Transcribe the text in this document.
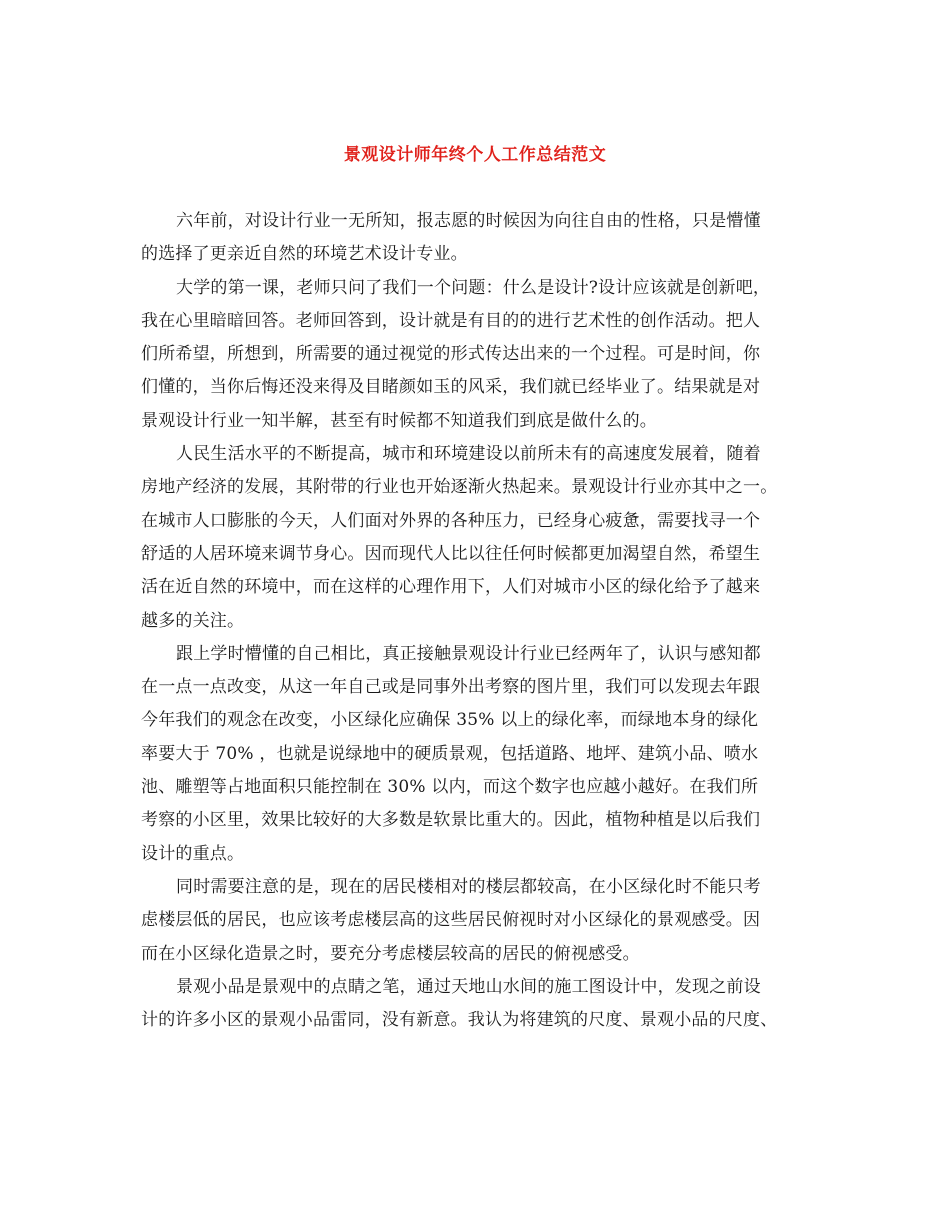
景观设计师年终个人工作总结范文
六年前，对设计行业一无所知，报志愿的时候因为向往自由的性格，只是懵懂
的选择了更亲近自然的环境艺术设计专业。
大学的第一课，老师只问了我们一个问题：什么是设计?设计应该就是创新吧，
我在心里暗暗回答。老师回答到，设计就是有目的的进行艺术性的创作活动。把人
们所希望，所想到，所需要的通过视觉的形式传达出来的一个过程。可是时间，你
们懂的，当你后悔还没来得及目睹颜如玉的风采，我们就已经毕业了。结果就是对
景观设计行业一知半解，甚至有时候都不知道我们到底是做什么的。
人民生活水平的不断提高，城市和环境建设以前所未有的高速度发展着，随着
房地产经济的发展，其附带的行业也开始逐渐火热起来。景观设计行业亦其中之一。
在城市人口膨胀的今天，人们面对外界的各种压力，已经身心疲惫，需要找寻一个
舒适的人居环境来调节身心。因而现代人比以往任何时候都更加渴望自然，希望生
活在近自然的环境中，而在这样的心理作用下，人们对城市小区的绿化给予了越来
越多的关注。
跟上学时懵懂的自己相比，真正接触景观设计行业已经两年了，认识与感知都
在一点一点改变，从这一年自己或是同事外出考察的图片里，我们可以发现去年跟
今年我们的观念在改变，小区绿化应确保 35% 以上的绿化率，而绿地本身的绿化
率要大于 70% ，也就是说绿地中的硬质景观，包括道路、地坪、建筑小品、喷水
池、雕塑等占地面积只能控制在 30% 以内，而这个数字也应越小越好。在我们所
考察的小区里，效果比较好的大多数是软景比重大的。因此，植物种植是以后我们
设计的重点。
同时需要注意的是，现在的居民楼相对的楼层都较高，在小区绿化时不能只考
虑楼层低的居民，也应该考虑楼层高的这些居民俯视时对小区绿化的景观感受。因
而在小区绿化造景之时，要充分考虑楼层较高的居民的俯视感受。
景观小品是景观中的点睛之笔，通过天地山水间的施工图设计中，发现之前设
计的许多小区的景观小品雷同，没有新意。我认为将建筑的尺度、景观小品的尺度、
